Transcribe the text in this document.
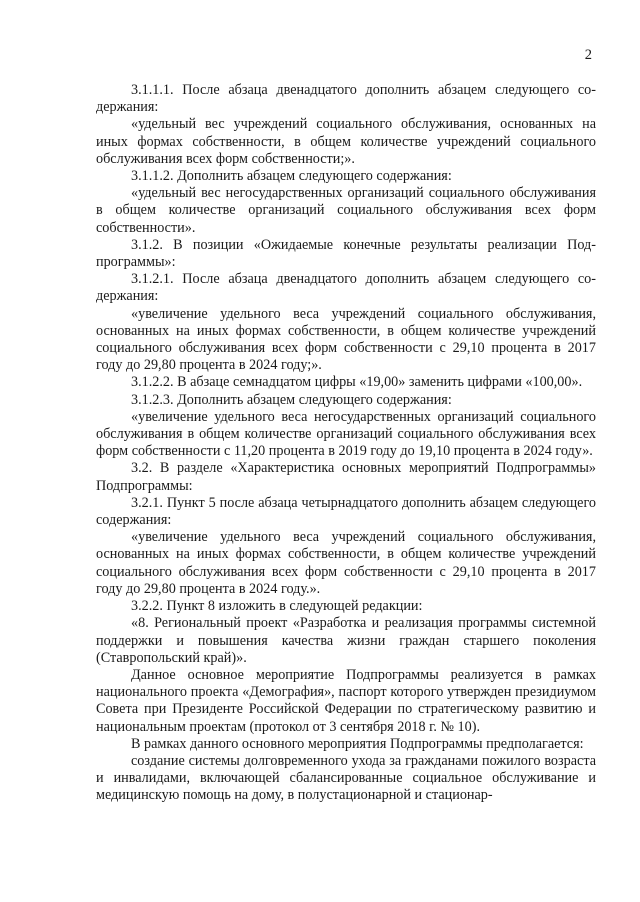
2

3.1.1.1. После абзаца двенадцатого дополнить абзацем следующего содержания:

«удельный вес учреждений социального обслуживания, основанных на иных формах собственности, в общем количестве учреждений социального обслуживания всех форм собственности;».

3.1.1.2. Дополнить абзацем следующего содержания:

«удельный вес негосударственных организаций социального обслуживания в общем количестве организаций социального обслуживания всех форм собственности».

3.1.2. В позиции «Ожидаемые конечные результаты реализации Подпрограммы»:

3.1.2.1. После абзаца двенадцатого дополнить абзацем следующего содержания:

«увеличение удельного веса учреждений социального обслуживания, основанных на иных формах собственности, в общем количестве учреждений социального обслуживания всех форм собственности с 29,10 процента в 2017 году до 29,80 процента в 2024 году;».

3.1.2.2. В абзаце семнадцатом цифры «19,00» заменить цифрами «100,00».

3.1.2.3. Дополнить абзацем следующего содержания:

«увеличение удельного веса негосударственных организаций социального обслуживания в общем количестве организаций социального обслуживания всех форм собственности с 11,20 процента в 2019 году до 19,10 процента в 2024 году».

3.2. В разделе «Характеристика основных мероприятий Подпрограммы» Подпрограммы:

3.2.1. Пункт 5 после абзаца четырнадцатого дополнить абзацем следующего содержания:

«увеличение удельного веса учреждений социального обслуживания, основанных на иных формах собственности, в общем количестве учреждений социального обслуживания всех форм собственности с 29,10 процента в 2017 году до 29,80 процента в 2024 году.».

3.2.2. Пункт 8 изложить в следующей редакции:

«8. Региональный проект «Разработка и реализация программы системной поддержки и повышения качества жизни граждан старшего поколения (Ставропольский край)».

Данное основное мероприятие Подпрограммы реализуется в рамках национального проекта «Демография», паспорт которого утвержден президиумом Совета при Президенте Российской Федерации по стратегическому развитию и национальным проектам (протокол от 3 сентября 2018 г. № 10).

В рамках данного основного мероприятия Подпрограммы предполагается:

создание системы долговременного ухода за гражданами пожилого возраста и инвалидами, включающей сбалансированные социальное обслуживание и медицинскую помощь на дому, в полустационарной и стационар-
